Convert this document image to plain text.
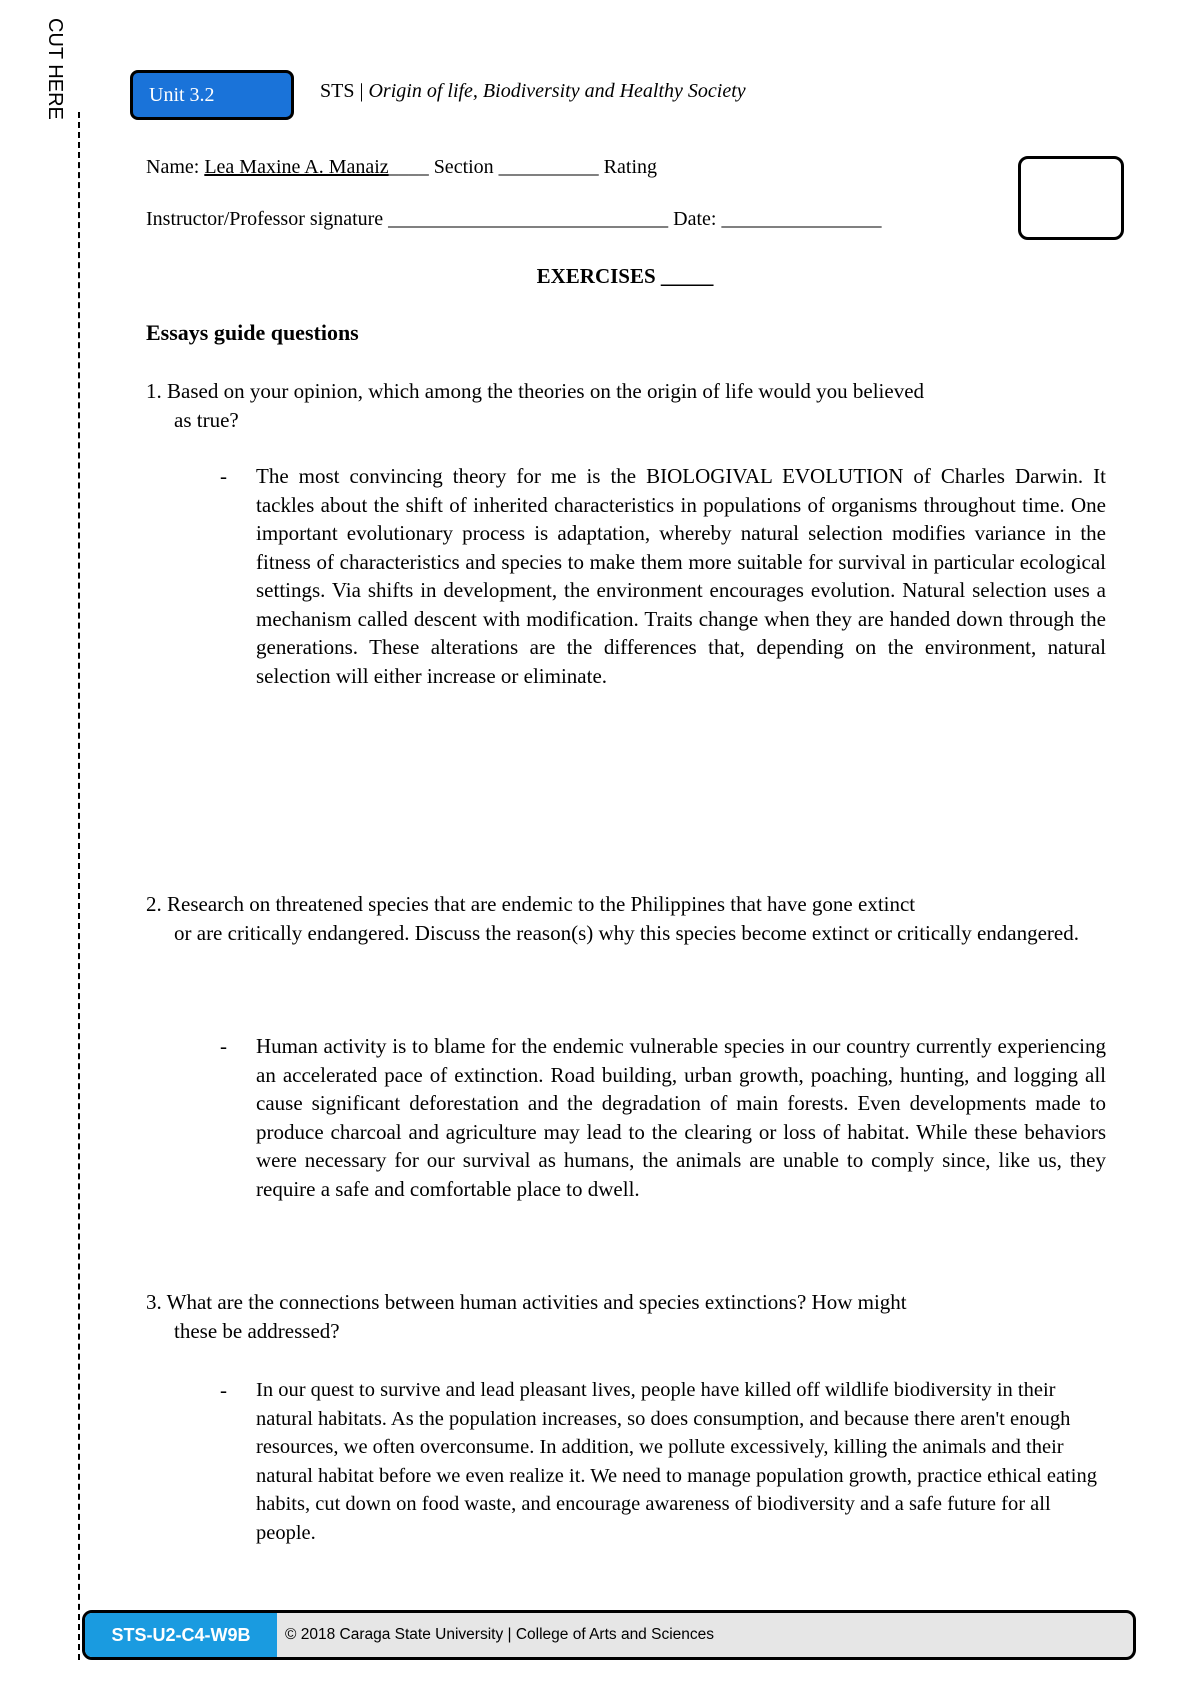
CUT HERE	Unit 3.2	STS | Origin of life, Biodiversity and Healthy Society
Name: Lea Maxine A. Manaiz____ Section __________ Rating
Instructor/Professor signature ____________________________ Date: ________________
EXERCISES _____
Essays guide questions
1. Based on your opinion, which among the theories on the origin of life would you believed
as true?
- The most convincing theory for me is the BIOLOGIVAL EVOLUTION of Charles Darwin. It tackles about the shift of inherited characteristics in populations of organisms throughout time. One important evolutionary process is adaptation, whereby natural selection modifies variance in the fitness of characteristics and species to make them more suitable for survival in particular ecological settings. Via shifts in development, the environment encourages evolution. Natural selection uses a mechanism called descent with modification. Traits change when they are handed down through the generations. These alterations are the differences that, depending on the environment, natural selection will either increase or eliminate.
2. Research on threatened species that are endemic to the Philippines that have gone extinct
or are critically endangered. Discuss the reason(s) why this species become extinct or critically endangered.
- Human activity is to blame for the endemic vulnerable species in our country currently experiencing an accelerated pace of extinction. Road building, urban growth, poaching, hunting, and logging all cause significant deforestation and the degradation of main forests. Even developments made to produce charcoal and agriculture may lead to the clearing or loss of habitat. While these behaviors were necessary for our survival as humans, the animals are unable to comply since, like us, they require a safe and comfortable place to dwell.
3. What are the connections between human activities and species extinctions? How might
these be addressed?
- In our quest to survive and lead pleasant lives, people have killed off wildlife biodiversity in their natural habitats. As the population increases, so does consumption, and because there aren't enough resources, we often overconsume. In addition, we pollute excessively, killing the animals and their natural habitat before we even realize it. We need to manage population growth, practice ethical eating habits, cut down on food waste, and encourage awareness of biodiversity and a safe future for all people.
STS-U2-C4-W9B	© 2018 Caraga State University | College of Arts and Sciences
